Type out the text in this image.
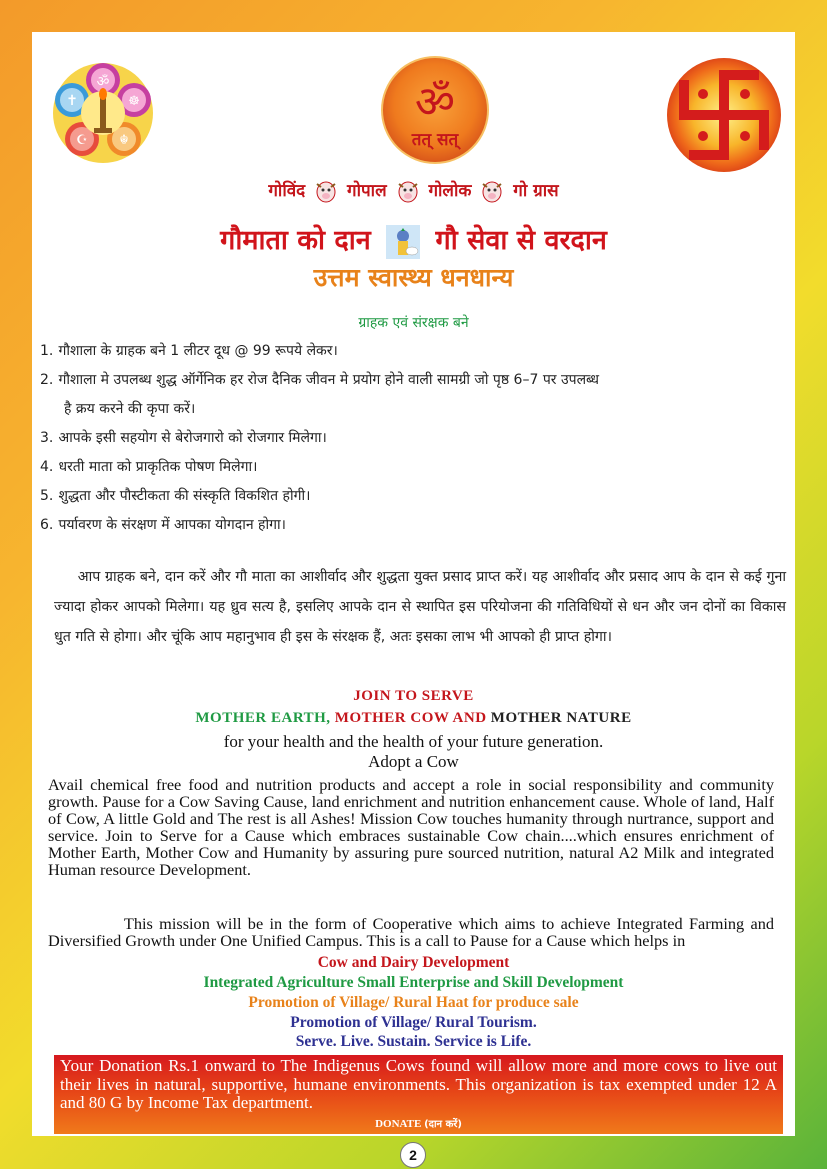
ॐ
✝	☸
☪ ☬
ॐ
तत् सत्
गोविंद गोपाल गोलोक गो ग्रास
गौमाता को दान गौ सेवा से वरदान
उत्तम स्वास्थ्य धनधान्य
ग्राहक एवं संरक्षक बने
1. गौशाला के ग्राहक बने 1 लीटर दूध @ 99 रूपये लेकर।
2. गौशाला मे उपलब्ध शुद्ध ऑर्गेनिक हर रोज दैनिक जीवन मे प्रयोग होने वाली सामग्री जो पृष्ठ 6–7 पर उपलब्ध
है क्रय करने की कृपा करें।
3. आपके इसी सहयोग से बेरोजगारो को रोजगार मिलेगा।
4. धरती माता को प्राकृतिक पोषण मिलेगा।
5. शुद्धता और पौस्टीकता की संस्कृति विकशित होगी।
6. पर्यावरण के संरक्षण में आपका योगदान होगा।

आप ग्राहक बने, दान करें और गौ माता का आशीर्वाद और शुद्धता युक्त प्रसाद प्राप्त करें। यह आशीर्वाद और प्रसाद आप के दान से कई गुना ज्यादा होकर आपको मिलेगा। यह ध्रुव सत्य है, इसलिए आपके दान से स्थापित इस परियोजना की गतिविधियों से धन और जन दोनों का विकास धुत गति से होगा। और चूंकि आप महानुभाव ही इस के संरक्षक हैं, अतः इसका लाभ भी आपको ही प्राप्त होगा।

JOIN TO SERVE
MOTHER EARTH, MOTHER COW AND MOTHER NATURE
for your health and the health of your future generation.
Adopt a Cow

Avail chemical free food and nutrition products and accept a role in social responsibility and community growth. Pause for a Cow Saving Cause, land enrichment and nutrition enhancement cause. Whole of land, Half of Cow, A little Gold and The rest is all Ashes! Mission Cow touches humanity through nurtrance, support and service. Join to Serve for a Cause which embraces sustainable Cow chain....which ensures enrichment of Mother Earth, Mother Cow and Humanity by assuring pure sourced nutrition, natural A2 Milk and integrated Human resource Development.

This mission will be in the form of Cooperative which aims to achieve Integrated Farming and Diversified Growth under One Unified Campus. This is a call to Pause for a Cause which helps in

Cow and Dairy Development
Integrated Agriculture Small Enterprise and Skill Development
Promotion of Village/ Rural Haat for produce sale
Promotion of Village/ Rural Tourism.
Serve. Live. Sustain. Service is Life.
Your Donation Rs.1 onward to The Indigenus Cows found will allow more and more cows to live out their lives in natural, supportive, humane environments. This organization is tax exempted under 12 A and 80 G by Income Tax department.
DONATE (दान करें)
2
